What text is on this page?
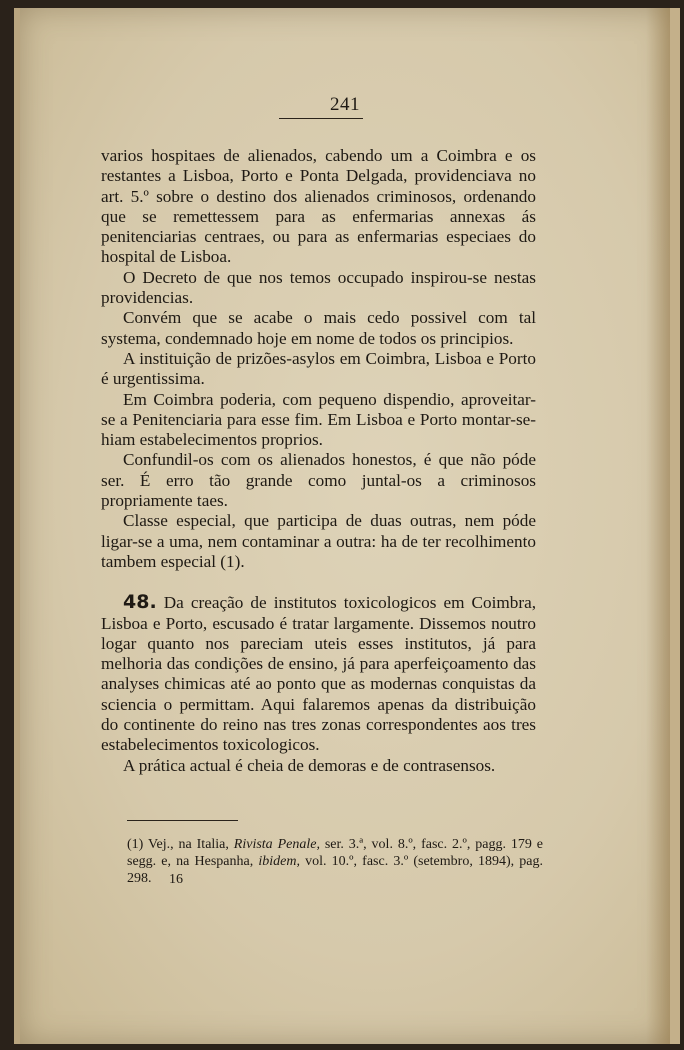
241

varios hospitaes de alienados, cabendo um a Coimbra e os restantes a Lisboa, Porto e Ponta Delgada, providenciava no art. 5.º sobre o destino dos alienados criminosos, ordenando que se remettessem para as enfermarias annexas ás penitenciarias centraes, ou para as enfermarias especiaes do hospital de Lisboa.

O Decreto de que nos temos occupado inspirou-se nestas providencias.

Convém que se acabe o mais cedo possivel com tal systema, condemnado hoje em nome de todos os principios.

A instituição de prizões-asylos em Coimbra, Lisboa e Porto é urgentissima.

Em Coimbra poderia, com pequeno dispendio, aproveitar-se a Penitenciaria para esse fim. Em Lisboa e Porto montar-se-hiam estabelecimentos proprios.

Confundil-os com os alienados honestos, é que não póde ser. É erro tão grande como juntal-os a criminosos propriamente taes.

Classe especial, que participa de duas outras, nem póde ligar-se a uma, nem contaminar a outra: ha de ter recolhimento tambem especial (1).

48. Da creação de institutos toxicologicos em Coimbra, Lisboa e Porto, escusado é tratar largamente. Dissemos noutro logar quanto nos pareciam uteis esses institutos, já para melhoria das condições de ensino, já para aperfeiçoamento das analyses chimicas até ao ponto que as modernas conquistas da sciencia o permittam. Aqui falaremos apenas da distribuição do continente do reino nas tres zonas correspondentes aos tres estabelecimentos toxicologicos.

A prática actual é cheia de demoras e de contrasensos.

(1) Vej., na Italia, Rivista Penale, ser. 3.ª, vol. 8.º, fasc. 2.º, pagg. 179 e segg. e, na Hespanha, ibidem, vol. 10.º, fasc. 3.º (setembro, 1894), pag. 298.	16
